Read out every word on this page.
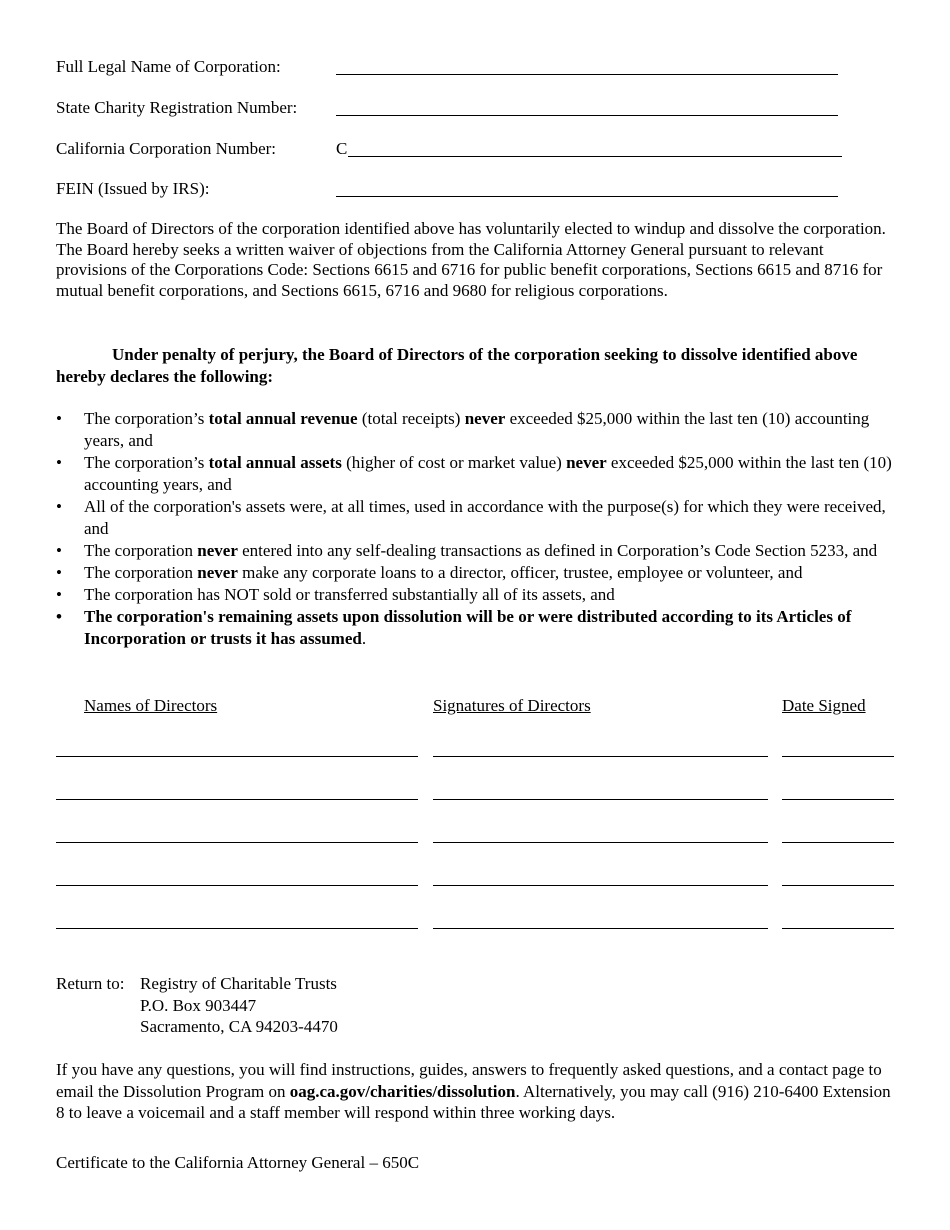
Full Legal Name of Corporation:
State Charity Registration Number:
California Corporation Number:	C
FEIN (Issued by IRS):
The Board of Directors of the corporation identified above has voluntarily elected to windup and dissolve the corporation. The Board hereby seeks a written waiver of objections from the California Attorney General pursuant to relevant provisions of the Corporations Code: Sections 6615 and 6716 for public benefit corporations, Sections 6615 and 8716 for mutual benefit corporations, and Sections 6615, 6716 and 9680 for religious corporations.
Under penalty of perjury, the Board of Directors of the corporation seeking to dissolve identified above hereby declares the following:
• The corporation’s total annual revenue (total receipts) never exceeded $25,000 within the last ten (10) accounting years, and
• The corporation’s total annual assets (higher of cost or market value) never exceeded $25,000 within the last ten (10) accounting years, and
• All of the corporation's assets were, at all times, used in accordance with the purpose(s) for which they were received, and
• The corporation never entered into any self-dealing transactions as defined in Corporation’s Code Section 5233, and
• The corporation never make any corporate loans to a director, officer, trustee, employee or volunteer, and
• The corporation has NOT sold or transferred substantially all of its assets, and
• The corporation's remaining assets upon dissolution will be or were distributed according to its Articles of Incorporation or trusts it has assumed.
Names of Directors	Signatures of Directors	Date Signed
Return to: Registry of Charitable Trusts
P.O. Box 903447
Sacramento, CA 94203-4470
If you have any questions, you will find instructions, guides, answers to frequently asked questions, and a contact page to email the Dissolution Program on oag.ca.gov/charities/dissolution. Alternatively, you may call (916) 210-6400 Extension 8 to leave a voicemail and a staff member will respond within three working days.
Certificate to the California Attorney General – 650C
